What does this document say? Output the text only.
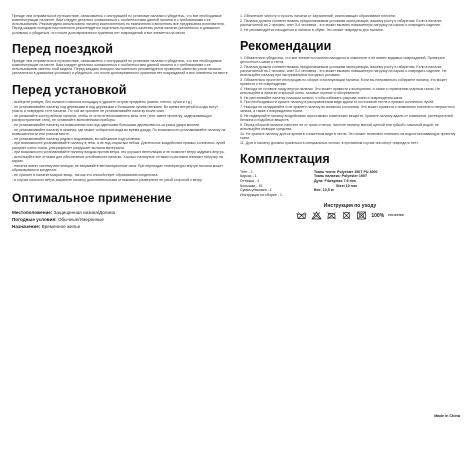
Прежде чем отправиться в путешествие, ознакомьтесь с инструкцией по установке палатки и убедитесь, что все необходимые комплектующие на месте. Вам следует детально ознакомиться с особенностями данной палатки и с требованиями к ее использованию. Рекомендуем использовать палатку исключительно по назначению и выполнять все предписания изготовителя. Перед каждым походом настоятельно рекомендуется тщательно проверить качество узлов палатки (желательно в домашних условиях) и убедиться, что после долговременного хранения нет повреждений и все элементы на месте.

Перед поездкой

Прежде чем отправиться в путешествие, ознакомьтесь с инструкцией по установке палатки и убедитесь, что все необходимые комплектующие на месте. Вам следует детально ознакомиться с особенностями данной палатки и с требованиями к ее использованию именно этой модели. Перед каждым походом настоятельно рекомендуется проверить качество узлов палатки (желательно в домашних условиях) и убедиться, что после долговременного хранения нет повреждений и все элементы на месте.

Перед установкой

- выберите ровную, без сильного наклона площадку и удалите острые предметы (камни, стекло, сучки и т.д.)

- не устанавливайте палатку под деревьями и под деревьями с большими сухими ветками. Во время ветреной погоды могут упасть и повредить тент палатки. По той же причине не устанавливайте палатку возле скал.

- не разжигайте костер вблизи палатки, чтобы от огня не воспламенить весь тент (тент имеет пропитку, задерживающую распространение огня), не оставляйте включенными приборы.

- не устанавливайте палатку на возвышении или под одинокими большими деревьями из-за риска удара молнии.

- не устанавливайте палатку в низинах, где может собираться вода во время дождя. По возможности устанавливайте палатку на возвышенности или ровном месте.

- не устанавливайте палатку рядом с водоемами, во избежание подтопления.

- при возможности устанавливайте палатку в тени, а не под открытым небом. Длительное воздействие прямых солнечных лучей ускоряет износ ткани, ультрафиолет разрушает волокна материала.

- при возможности устанавливайте палатку входом против ветра, это улучшит вентиляцию и не позволит ветру задувать внутрь.

- используйте все оттяжки для обеспечения устойчивости палатки. Хорошо натянутые оттяжки и растяжки снижают нагрузку на каркас.

- палатка имеет систему вентиляции, не закрывайте вентиляционные окна. При перепадах температуры внутри палатки может образовываться конденсат.

- не храните в палатке мокрые вещи, так как это способствует образованию конденсата.

- в случае сильного ветра закрепите палатку дополнительными оттяжками и разверните ее узкой стороной к ветру.

Оптимальное применение
Местоположение: Защищенная низина/Долина
Погодные условия: Обычные/Умеренные
Назначение: Временное жилье

1. Обеспечьте чистоту и сухость палатки от загрязнений, исключающих образование плесени.

2. Палатка должна соответствовать предполагаемым условиям эксплуатации, вашему росту и габаритам. Если в палатке, рассчитанной на 2 человек, спят 3-4 человека - это может вызвать повышенную нагрузку на каркас и повредить изделие.

3. Не рекомендуется находиться в палатке в обуви. Это может повредить дно палатки.

Рекомендации

1. Обязательно убедитесь, что все элементы палатки находятся в комплекте и не имеют видимых повреждений. Проверьте целостность швов и тента.

2. Палатка должна соответствовать предполагаемым условиям эксплуатации, вашему росту и габаритам. Если в палатке, рассчитанной на 2 человек, спят 3-4 человека - это может вызвать повышенную нагрузку на каркас и повредить изделие. Не используйте палатку при экстремальных погодных условиях.

3. Обязательно прочтите инструкцию по сборке и эксплуатации палатки. Если вы неправильно собираете палатку, это может привести к ее повреждению.

4. Никогда не готовьте пищу внутри палатки. Это может привести к возгоранию, а также к отравлению угарным газом. Не используйте в палатке открытый огонь, газовые горелки и обогреватели.

5. Не растягивайте палатку слишком сильно, чтобы избежать разрыва ткани и повреждения швов.

6. При необходимости сушите палатку в расправленном виде вдали от источников тепла и прямых солнечных лучей.

7. Никогда не складывайте и не храните палатку во влажном состоянии. Это может привести к появлению плесени и неприятного запаха, а также к повреждению ткани.

8. Не подвергайте палатку воздействию агрессивных химических веществ. Храните палатку вдали от химикатов, растворителей, бензина и подобных веществ.

9. Перед сборкой палатки очистите ее от грязи и песка. Чистите палатку мягкой щеткой или губкой с мыльной водой, не используйте моющие средства.

10. Не храните палатку долгое время в сложенном виде в чехле. Это может негативно повлиять на водоотталкивающую пропитку ткани.

11. Дуги и палатку должны храниться в специальных чехлах, в противном случае они могут повредить тент.

Комплектация
Тент - 1
Каркас - 1
Оттяжки - 4
Колышки - 15
Сумка-упаковка - 1
Инструкция по сборке - 1
Ткань тента: Polyester 190T PU 4000
Ткань палатки: Polyester 190T
Дуги: Fiberglass 7.9 mm
Steel 19 mm
Вес: 10,5 кг
Инструкция по уходу
100% POLYESTER
Made in China
